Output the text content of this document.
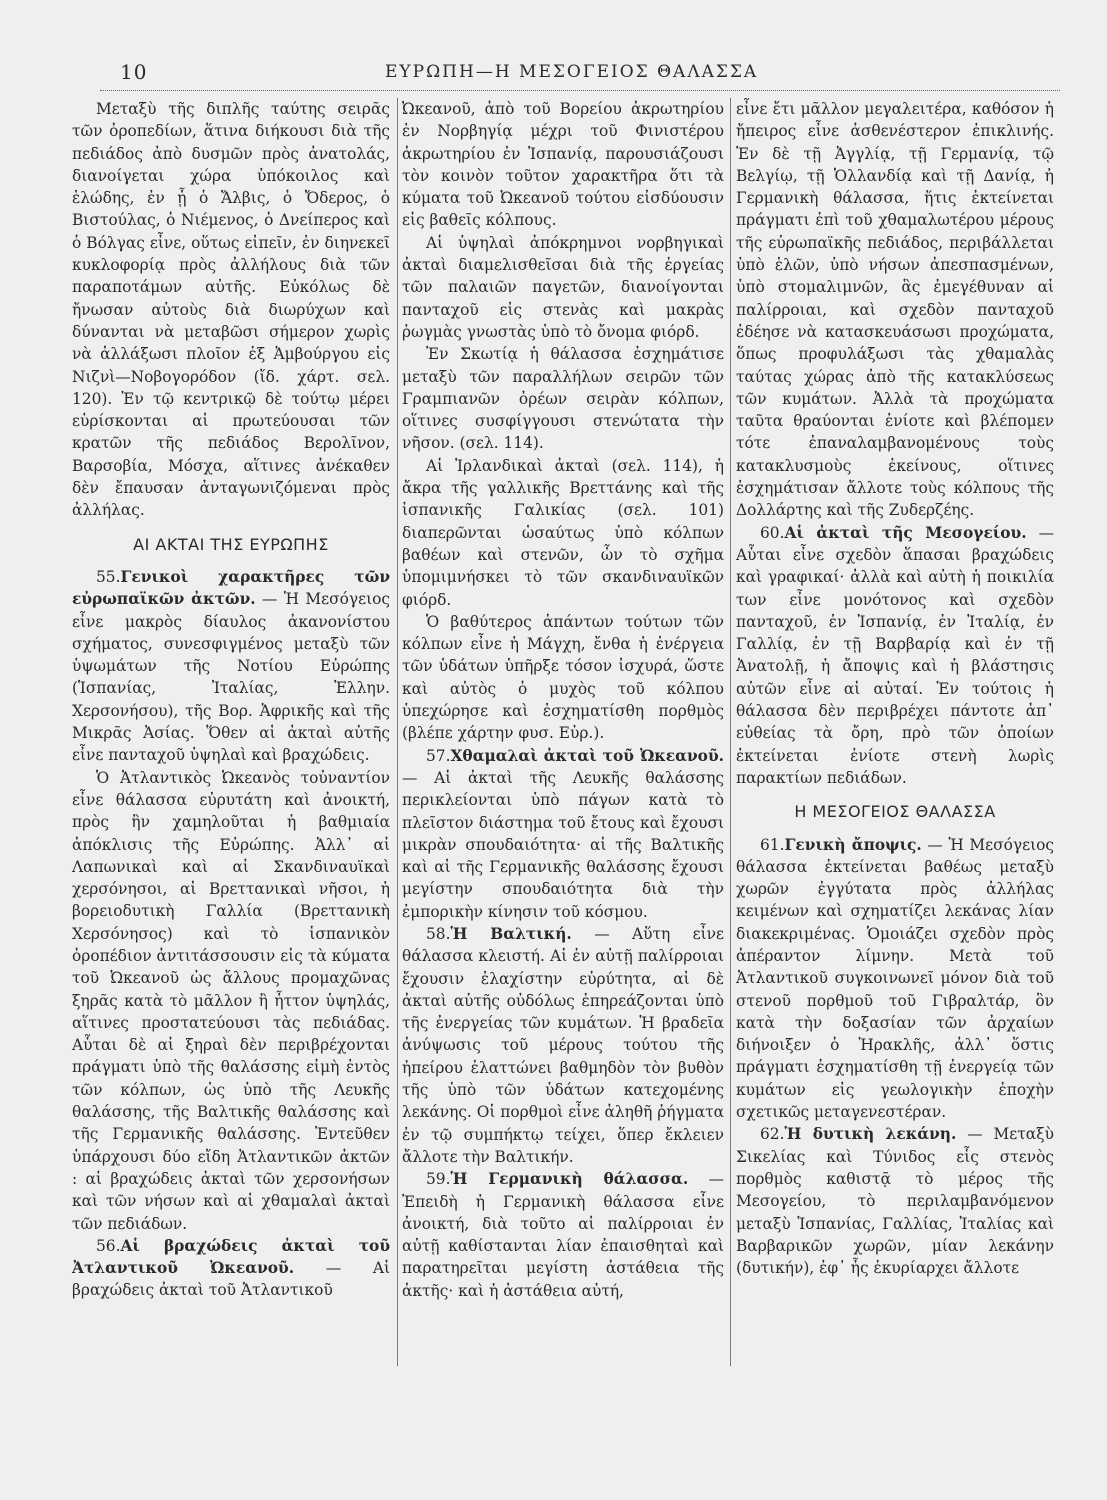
10	ΕΥΡΩΠΗ—Η ΜΕΣΟΓΕΙΟΣ ΘΑΛΑΣΣΑ

Μεταξὺ τῆς διπλῆς ταύτης σειρᾶς τῶν ὀροπεδίων, ἅτινα διήκουσι διὰ τῆς πεδιάδος ἀπὸ δυσμῶν πρὸς ἀνατολάς, διανοίγεται χώρα ὑπόκοιλος καὶ ἑλώδης, ἐν ᾗ ὁ Ἄλβις, ὁ Ὄδερος, ὁ Βιστούλας, ὁ Νιέμενος, ὁ Δνείπερος καὶ ὁ Βόλγας εἶνε, οὕτως εἰπεῖν, ἐν διηνεκεῖ κυκλοφορίᾳ πρὸς ἀλλήλους διὰ τῶν παραποτάμων αὐτῆς. Εὐκόλως δὲ ἤνωσαν αὐτοὺς διὰ διωρύχων καὶ δύνανται νὰ μεταβῶσι σήμερον χωρὶς νὰ ἀλλάξωσι πλοῖον ἐξ Ἀμβούργου εἰς Νιζνὶ—Νοβογορόδον (ἴδ. χάρτ. σελ. 120). Ἐν τῷ κεντρικῷ δὲ τούτῳ μέρει εὑρίσκονται αἱ πρωτεύουσαι τῶν κρατῶν τῆς πεδιάδος Βερολῖνον, Βαρσοβία, Μόσχα, αἵτινες ἀνέκαθεν δὲν ἔπαυσαν ἀνταγωνιζόμεναι πρὸς ἀλλήλας.

ΑΙ ΑΚΤΑΙ ΤΗΣ ΕΥΡΩΠΗΣ

55.Γενικοὶ χαρακτῆρες τῶν εὐρωπαϊκῶν ἀκτῶν. — Ἡ Μεσόγειος εἶνε μακρὸς δίαυλος ἀκανονίστου σχήματος, συνεσφιγμένος μεταξὺ τῶν ὑψωμάτων τῆς Νοτίου Εὐρώπης (Ἱσπανίας, Ἰταλίας, Ἑλλην. Χερσονήσου), τῆς Βορ. Ἀφρικῆς καὶ τῆς Μικρᾶς Ἀσίας. Ὅθεν αἱ ἀκταὶ αὐτῆς εἶνε πανταχοῦ ὑψηλαὶ καὶ βραχώδεις.

Ὁ Ἀτλαντικὸς Ὠκεανὸς τοὐναντίον εἶνε θάλασσα εὐρυτάτη καὶ ἀνοικτή, πρὸς ἣν χαμηλοῦται ἡ βαθμιαία ἀπόκλισις τῆς Εὐρώπης. Ἀλλ᾽ αἱ Λαπωνικαὶ καὶ αἱ Σκανδιναυϊκαὶ χερσόνησοι, αἱ Βρεττανικαὶ νῆσοι, ἡ βορειοδυτικὴ Γαλλία (Βρεττανικὴ Χερσόνησος) καὶ τὸ ἱσπανικὸν ὀροπέδιον ἀντιτάσσουσιν εἰς τὰ κύματα τοῦ Ὠκεανοῦ ὡς ἄλλους προμαχῶνας ξηρᾶς κατὰ τὸ μᾶλλον ἢ ἧττον ὑψηλάς, αἵτινες προστατεύουσι τὰς πεδιάδας. Αὗται δὲ αἱ ξηραὶ δὲν περιβρέχονται πράγματι ὑπὸ τῆς θαλάσσης εἰμὴ ἐντὸς τῶν κόλπων, ὡς ὑπὸ τῆς Λευκῆς θαλάσσης, τῆς Βαλτικῆς θαλάσσης καὶ τῆς Γερμανικῆς θαλάσσης. Ἐντεῦθεν ὑπάρχουσι δύο εἴδη Ἀτλαντικῶν ἀκτῶν : αἱ βραχώδεις ἀκταὶ τῶν χερσονήσων καὶ τῶν νήσων καὶ αἱ χθαμαλαὶ ἀκταὶ τῶν πεδιάδων.

56.Αἱ βραχώδεις ἀκταὶ τοῦ Ἀτλαντικοῦ Ὠκεανοῦ. — Αἱ βραχώδεις ἀκταὶ τοῦ Ἀτλαντικοῦ

Ὠκεανοῦ, ἀπὸ τοῦ Βορείου ἀκρωτηρίου ἐν Νορβηγίᾳ μέχρι τοῦ Φινιστέρου ἀκρωτηρίου ἐν Ἱσπανίᾳ, παρουσιάζουσι τὸν κοινὸν τοῦτον χαρακτῆρα ὅτι τὰ κύματα τοῦ Ὠκεανοῦ τούτου εἰσδύουσιν εἰς βαθεῖς κόλπους.

Αἱ ὑψηλαὶ ἀπόκρημνοι νορβηγικαὶ ἀκταὶ διαμελισθεῖσαι διὰ τῆς ἐργείας τῶν παλαιῶν παγετῶν, διανοίγονται πανταχοῦ εἰς στενὰς καὶ μακρὰς ῥωγμὰς γνωστὰς ὑπὸ τὸ ὄνομα φιόρδ.

Ἐν Σκωτίᾳ ἡ θάλασσα ἐσχημάτισε μεταξὺ τῶν παραλλήλων σειρῶν τῶν Γραμπιανῶν ὀρέων σειρὰν κόλπων, οἵτινες συσφίγγουσι στενώτατα τὴν νῆσον. (σελ. 114).

Αἱ Ἰρλανδικαὶ ἀκταὶ (σελ. 114), ἡ ἄκρα τῆς γαλλικῆς Βρεττάνης καὶ τῆς ἱσπανικῆς Γαλικίας (σελ. 101) διαπερῶνται ὡσαύτως ὑπὸ κόλπων βαθέων καὶ στενῶν, ὧν τὸ σχῆμα ὑπομιμνήσκει τὸ τῶν σκανδιναυϊκῶν φιόρδ.

Ὁ βαθύτερος ἁπάντων τούτων τῶν κόλπων εἶνε ἡ Μάγχη, ἔνθα ἡ ἐνέργεια τῶν ὑδάτων ὑπῆρξε τόσον ἰσχυρά, ὥστε καὶ αὐτὸς ὁ μυχὸς τοῦ κόλπου ὑπεχώρησε καὶ ἐσχηματίσθη πορθμὸς (βλέπε χάρτην φυσ. Εὐρ.).

57.Χθαμαλαὶ ἀκταὶ τοῦ Ὠκεανοῦ. — Αἱ ἀκταὶ τῆς Λευκῆς θαλάσσης περικλείονται ὑπὸ πάγων κατὰ τὸ πλεῖστον διάστημα τοῦ ἔτους καὶ ἔχουσι μικρὰν σπουδαιότητα· αἱ τῆς Βαλτικῆς καὶ αἱ τῆς Γερμανικῆς θαλάσσης ἔχουσι μεγίστην σπουδαιότητα διὰ τὴν ἐμπορικὴν κίνησιν τοῦ κόσμου.

58.Ἡ Βαλτική. — Αὕτη εἶνε θάλασσα κλειστή. Αἱ ἐν αὐτῇ παλίρροιαι ἔχουσιν ἐλαχίστην εὐρύτητα, αἱ δὲ ἀκταὶ αὐτῆς οὐδόλως ἐπηρεάζονται ὑπὸ τῆς ἐνεργείας τῶν κυμάτων. Ἡ βραδεῖα ἀνύψωσις τοῦ μέρους τούτου τῆς ἠπείρου ἐλαττώνει βαθμηδὸν τὸν βυθὸν τῆς ὑπὸ τῶν ὑδάτων κατεχομένης λεκάνης. Οἱ πορθμοὶ εἶνε ἀληθῆ ῥήγματα ἐν τῷ συμπήκτῳ τείχει, ὅπερ ἔκλειεν ἄλλοτε τὴν Βαλτικήν.

59.Ἡ Γερμανικὴ θάλασσα. — Ἐπειδὴ ἡ Γερμανικὴ θάλασσα εἶνε ἀνοικτή, διὰ τοῦτο αἱ παλίρροιαι ἐν αὐτῇ καθίστανται λίαν ἐπαισθηταὶ καὶ παρατηρεῖται μεγίστη ἀστάθεια τῆς ἀκτῆς· καὶ ἡ ἀστάθεια αὐτή,

εἶνε ἔτι μᾶλλον μεγαλειτέρα, καθόσον ἡ ἤπειρος εἶνε ἀσθενέστερον ἐπικλινής. Ἐν δὲ τῇ Ἀγγλίᾳ, τῇ Γερμανίᾳ, τῷ Βελγίῳ, τῇ Ὁλλανδίᾳ καὶ τῇ Δανίᾳ, ἡ Γερμανικὴ θάλασσα, ἥτις ἐκτείνεται πράγματι ἐπὶ τοῦ χθαμαλωτέρου μέρους τῆς εὐρωπαϊκῆς πεδιάδος, περιβάλλεται ὑπὸ ἑλῶν, ὑπὸ νήσων ἀπεσπασμένων, ὑπὸ στομαλιμνῶν, ἃς ἐμεγέθυναν αἱ παλίρροιαι, καὶ σχεδὸν πανταχοῦ ἐδέησε νὰ κατασκευάσωσι προχώματα, ὅπως προφυλάξωσι τὰς χθαμαλὰς ταύτας χώρας ἀπὸ τῆς κατακλύσεως τῶν κυμάτων. Ἀλλὰ τὰ προχώματα ταῦτα θραύονται ἐνίοτε καὶ βλέπομεν τότε ἐπαναλαμβανομένους τοὺς κατακλυσμοὺς ἐκείνους, οἵτινες ἐσχημάτισαν ἄλλοτε τοὺς κόλπους τῆς Δολλάρτης καὶ τῆς Ζυδερζέης.

60.Αἱ ἀκταὶ τῆς Μεσογείου. — Αὗται εἶνε σχεδὸν ἅπασαι βραχώδεις καὶ γραφικαί· ἀλλὰ καὶ αὐτὴ ἡ ποικιλία των εἶνε μονότονος καὶ σχεδὸν πανταχοῦ, ἐν Ἱσπανίᾳ, ἐν Ἰταλίᾳ, ἐν Γαλλίᾳ, ἐν τῇ Βαρβαρίᾳ καὶ ἐν τῇ Ἀνατολῇ, ἡ ἄποψις καὶ ἡ βλάστησις αὐτῶν εἶνε αἱ αὐταί. Ἐν τούτοις ἡ θάλασσα δὲν περιβρέχει πάντοτε ἀπ᾽ εὐθείας τὰ ὄρη, πρὸ τῶν ὁποίων ἐκτείνεται ἐνίοτε στενὴ λωρὶς παρακτίων πεδιάδων.

Η ΜΕΣΟΓΕΙΟΣ ΘΑΛΑΣΣΑ

61.Γενικὴ ἄποψις. — Ἡ Μεσόγειος θάλασσα ἐκτείνεται βαθέως μεταξὺ χωρῶν ἐγγύτατα πρὸς ἀλλήλας κειμένων καὶ σχηματίζει λεκάνας λίαν διακεκριμένας. Ὁμοιάζει σχεδὸν πρὸς ἀπέραντον λίμνην. Μετὰ τοῦ Ἀτλαντικοῦ συγκοινωνεῖ μόνον διὰ τοῦ στενοῦ πορθμοῦ τοῦ Γιβραλτάρ, ὃν κατὰ τὴν δοξασίαν τῶν ἀρχαίων διήνοιξεν ὁ Ἡρακλῆς, ἀλλ᾽ ὅστις πράγματι ἐσχηματίσθη τῇ ἐνεργείᾳ τῶν κυμάτων εἰς γεωλογικὴν ἐποχὴν σχετικῶς μεταγενεστέραν.

62.Ἡ δυτικὴ λεκάνη. — Μεταξὺ Σικελίας καὶ Τύνιδος εἷς στενὸς πορθμὸς καθιστᾷ τὸ μέρος τῆς Μεσογείου, τὸ περιλαμβανόμενον μεταξὺ Ἱσπανίας, Γαλλίας, Ἰταλίας καὶ Βαρβαρικῶν χωρῶν, μίαν λεκάνην (δυτικήν), ἐφ᾽ ἧς ἐκυρίαρχει ἄλλοτε
